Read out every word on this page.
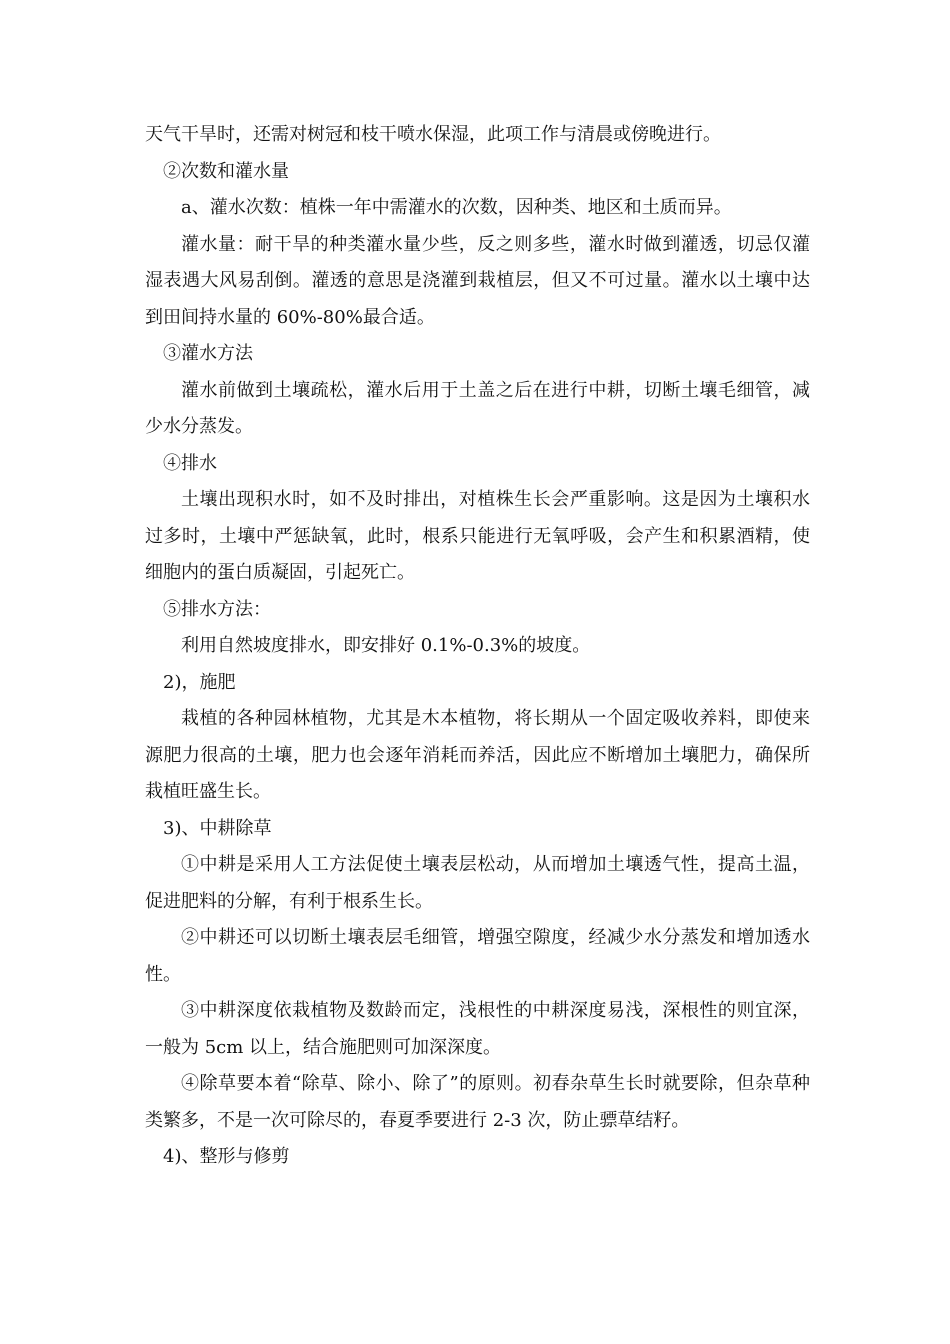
天气干旱时，还需对树冠和枝干喷水保湿，此项工作与清晨或傍晚进行。

②次数和灌水量

a、灌水次数：植株一年中需灌水的次数，因种类、地区和土质而异。

灌水量：耐干旱的种类灌水量少些，反之则多些，灌水时做到灌透，切忌仅灌湿表遇大风易刮倒。灌透的意思是浇灌到栽植层，但又不可过量。灌水以土壤中达到田间持水量的 60%-80%最合适。

③灌水方法

灌水前做到土壤疏松，灌水后用于土盖之后在进行中耕，切断土壤毛细管，减少水分蒸发。

④排水

土壤出现积水时，如不及时排出，对植株生长会严重影响。这是因为土壤积水过多时，土壤中严惩缺氧，此时，根系只能进行无氧呼吸，会产生和积累酒精，使细胞内的蛋白质凝固，引起死亡。

⑤排水方法：

利用自然坡度排水，即安排好 0.1%-0.3%的坡度。

2)，施肥

栽植的各种园林植物，尤其是木本植物，将长期从一个固定吸收养料，即使来源肥力很高的土壤，肥力也会逐年消耗而养活，因此应不断增加土壤肥力，确保所栽植旺盛生长。

3)、中耕除草

①中耕是采用人工方法促使土壤表层松动，从而增加土壤透气性，提高土温，促进肥料的分解，有利于根系生长。

②中耕还可以切断土壤表层毛细管，增强空隙度，经减少水分蒸发和增加透水性。

③中耕深度依栽植物及数龄而定，浅根性的中耕深度易浅，深根性的则宜深，一般为 5cm 以上，结合施肥则可加深深度。

④除草要本着“除草、除小、除了”的原则。初春杂草生长时就要除，但杂草种类繁多，不是一次可除尽的，春夏季要进行 2-3 次，防止骠草结籽。

4)、整形与修剪
